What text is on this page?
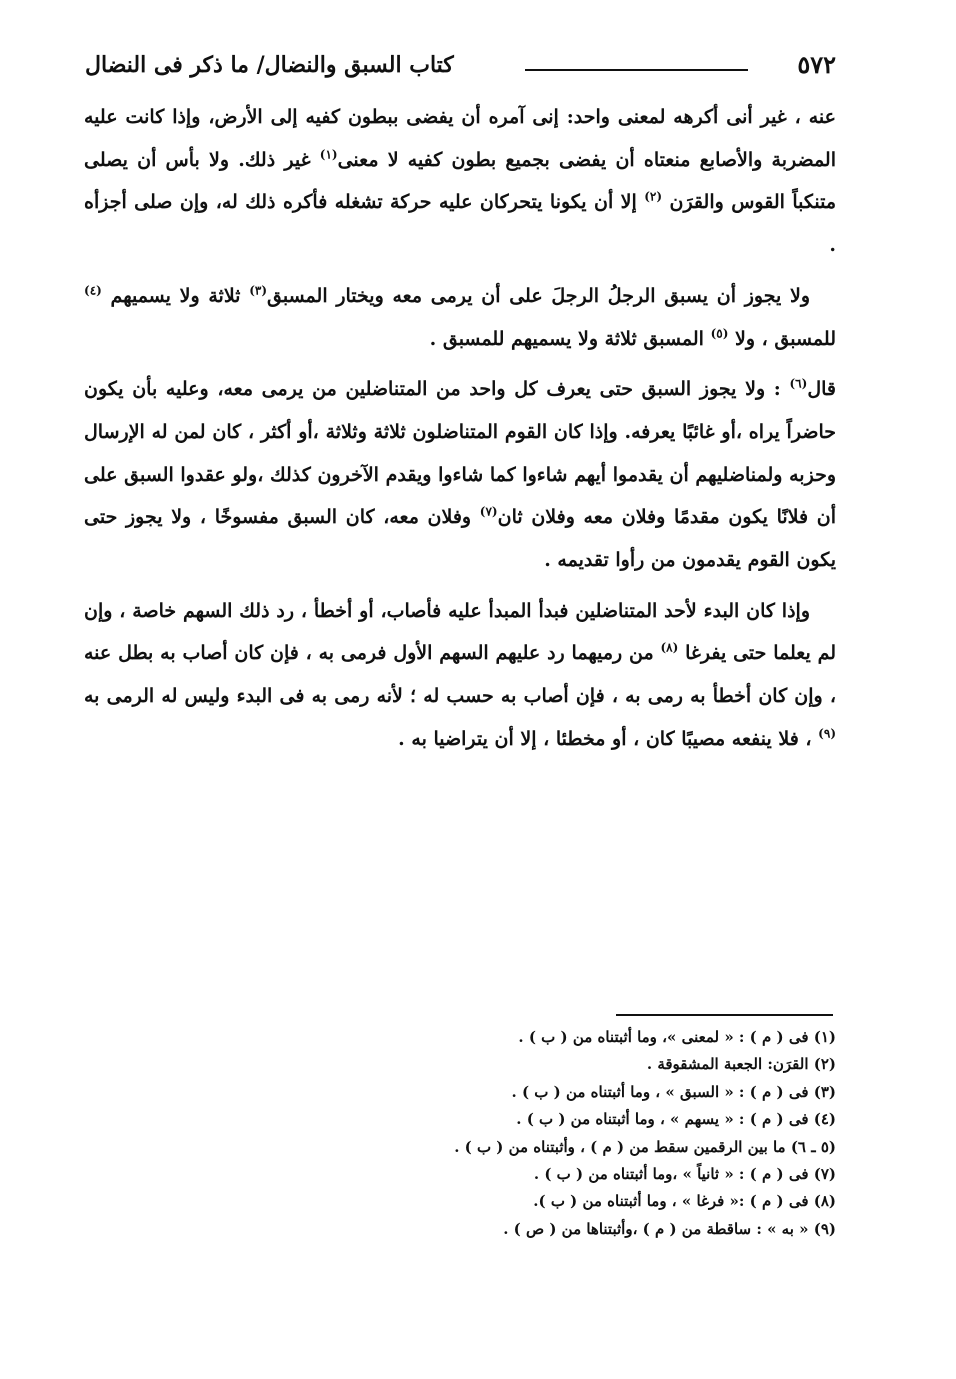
٥٧٢
كتاب السبق والنضال/ ما ذكر فى النضال

عنه ، غير أنى أكرهه لمعنى واحد: إنى آمره أن يفضى ببطون كفيه إلى الأرض، وإذا كانت عليه المضربة والأصابع منعتاه أن يفضى بجميع بطون كفيه لا معنى$^{(١)}$ غير ذلك. ولا بأس أن يصلى متنكباً القوس والقرَن $^{(٢)}$ إلا أن يكونا يتحركان عليه حركة تشغله فأكره ذلك له، وإن صلى أجزأه .

ولا يجوز أن يسبق الرجلُ الرجلَ على أن يرمى معه ويختار المسبق$^{(٣)}$ ثلاثة ولا يسميهم $^{(٤)}$ للمسبق ، ولا $^{(٥)}$ المسبق ثلاثة ولا يسميهم للمسبق .

قال$^{(٦)}$ : ولا يجوز السبق حتى يعرف كل واحد من المتناضلين من يرمى معه، وعليه بأن يكون حاضراً يراه ،أو غائبًا يعرفه. وإذا كان القوم المتناضلون ثلاثة وثلاثة ،أو أكثر ، كان لمن له الإرسال وحزبه ولمناضليهم أن يقدموا أيهم شاءوا كما شاءوا ويقدم الآخرون كذلك ،ولو عقدوا السبق على أن فلانًا يكون مقدمًا وفلان معه وفلان ثان$^{(٧)}$ وفلان معه، كان السبق مفسوخًا ، ولا يجوز حتى يكون القوم يقدمون من رأوا تقديمه .

وإذا كان البدء لأحد المتناضلين فبدأ المبدأ عليه فأصاب، أو أخطأ ، رد ذلك السهم خاصة ، وإن لم يعلما حتى يفرغا $^{(٨)}$ من رميهما رد عليهم السهم الأول فرمى به ، فإن كان أصاب به بطل عنه ، وإن كان أخطأ به رمى به ، فإن أصاب به حسب له ؛ لأنه رمى به فى البدء وليس له الرمى به $^{(٩)}$ ، فلا ينفعه مصيبًا كان ، أو مخطئا ، إلا أن يتراضيا به .

(١) فى ( م ) : « لمعنى »، وما أثبتناه من ( ب ) .
(٢) القرَن: الجعبة المشقوقة .
(٣) فى ( م ) : « السبق » ، وما أثبتناه من ( ب ) .
(٤) فى ( م ) : « يسهم » ، وما أثبتناه من ( ب ) .
(٥ ـ ٦) ما بين الرقمين سقط من ( م ) ، وأثبتناه من ( ب ) .
(٧) فى ( م ) : « ثانياً » ،وما أثبتناه من ( ب ) .
(٨) فى ( م ) :« فرغا » ، وما أثبتناه من ( ب ).
(٩) « به » : ساقطة من ( م ) ،وأثبتناها من ( ص ) .
